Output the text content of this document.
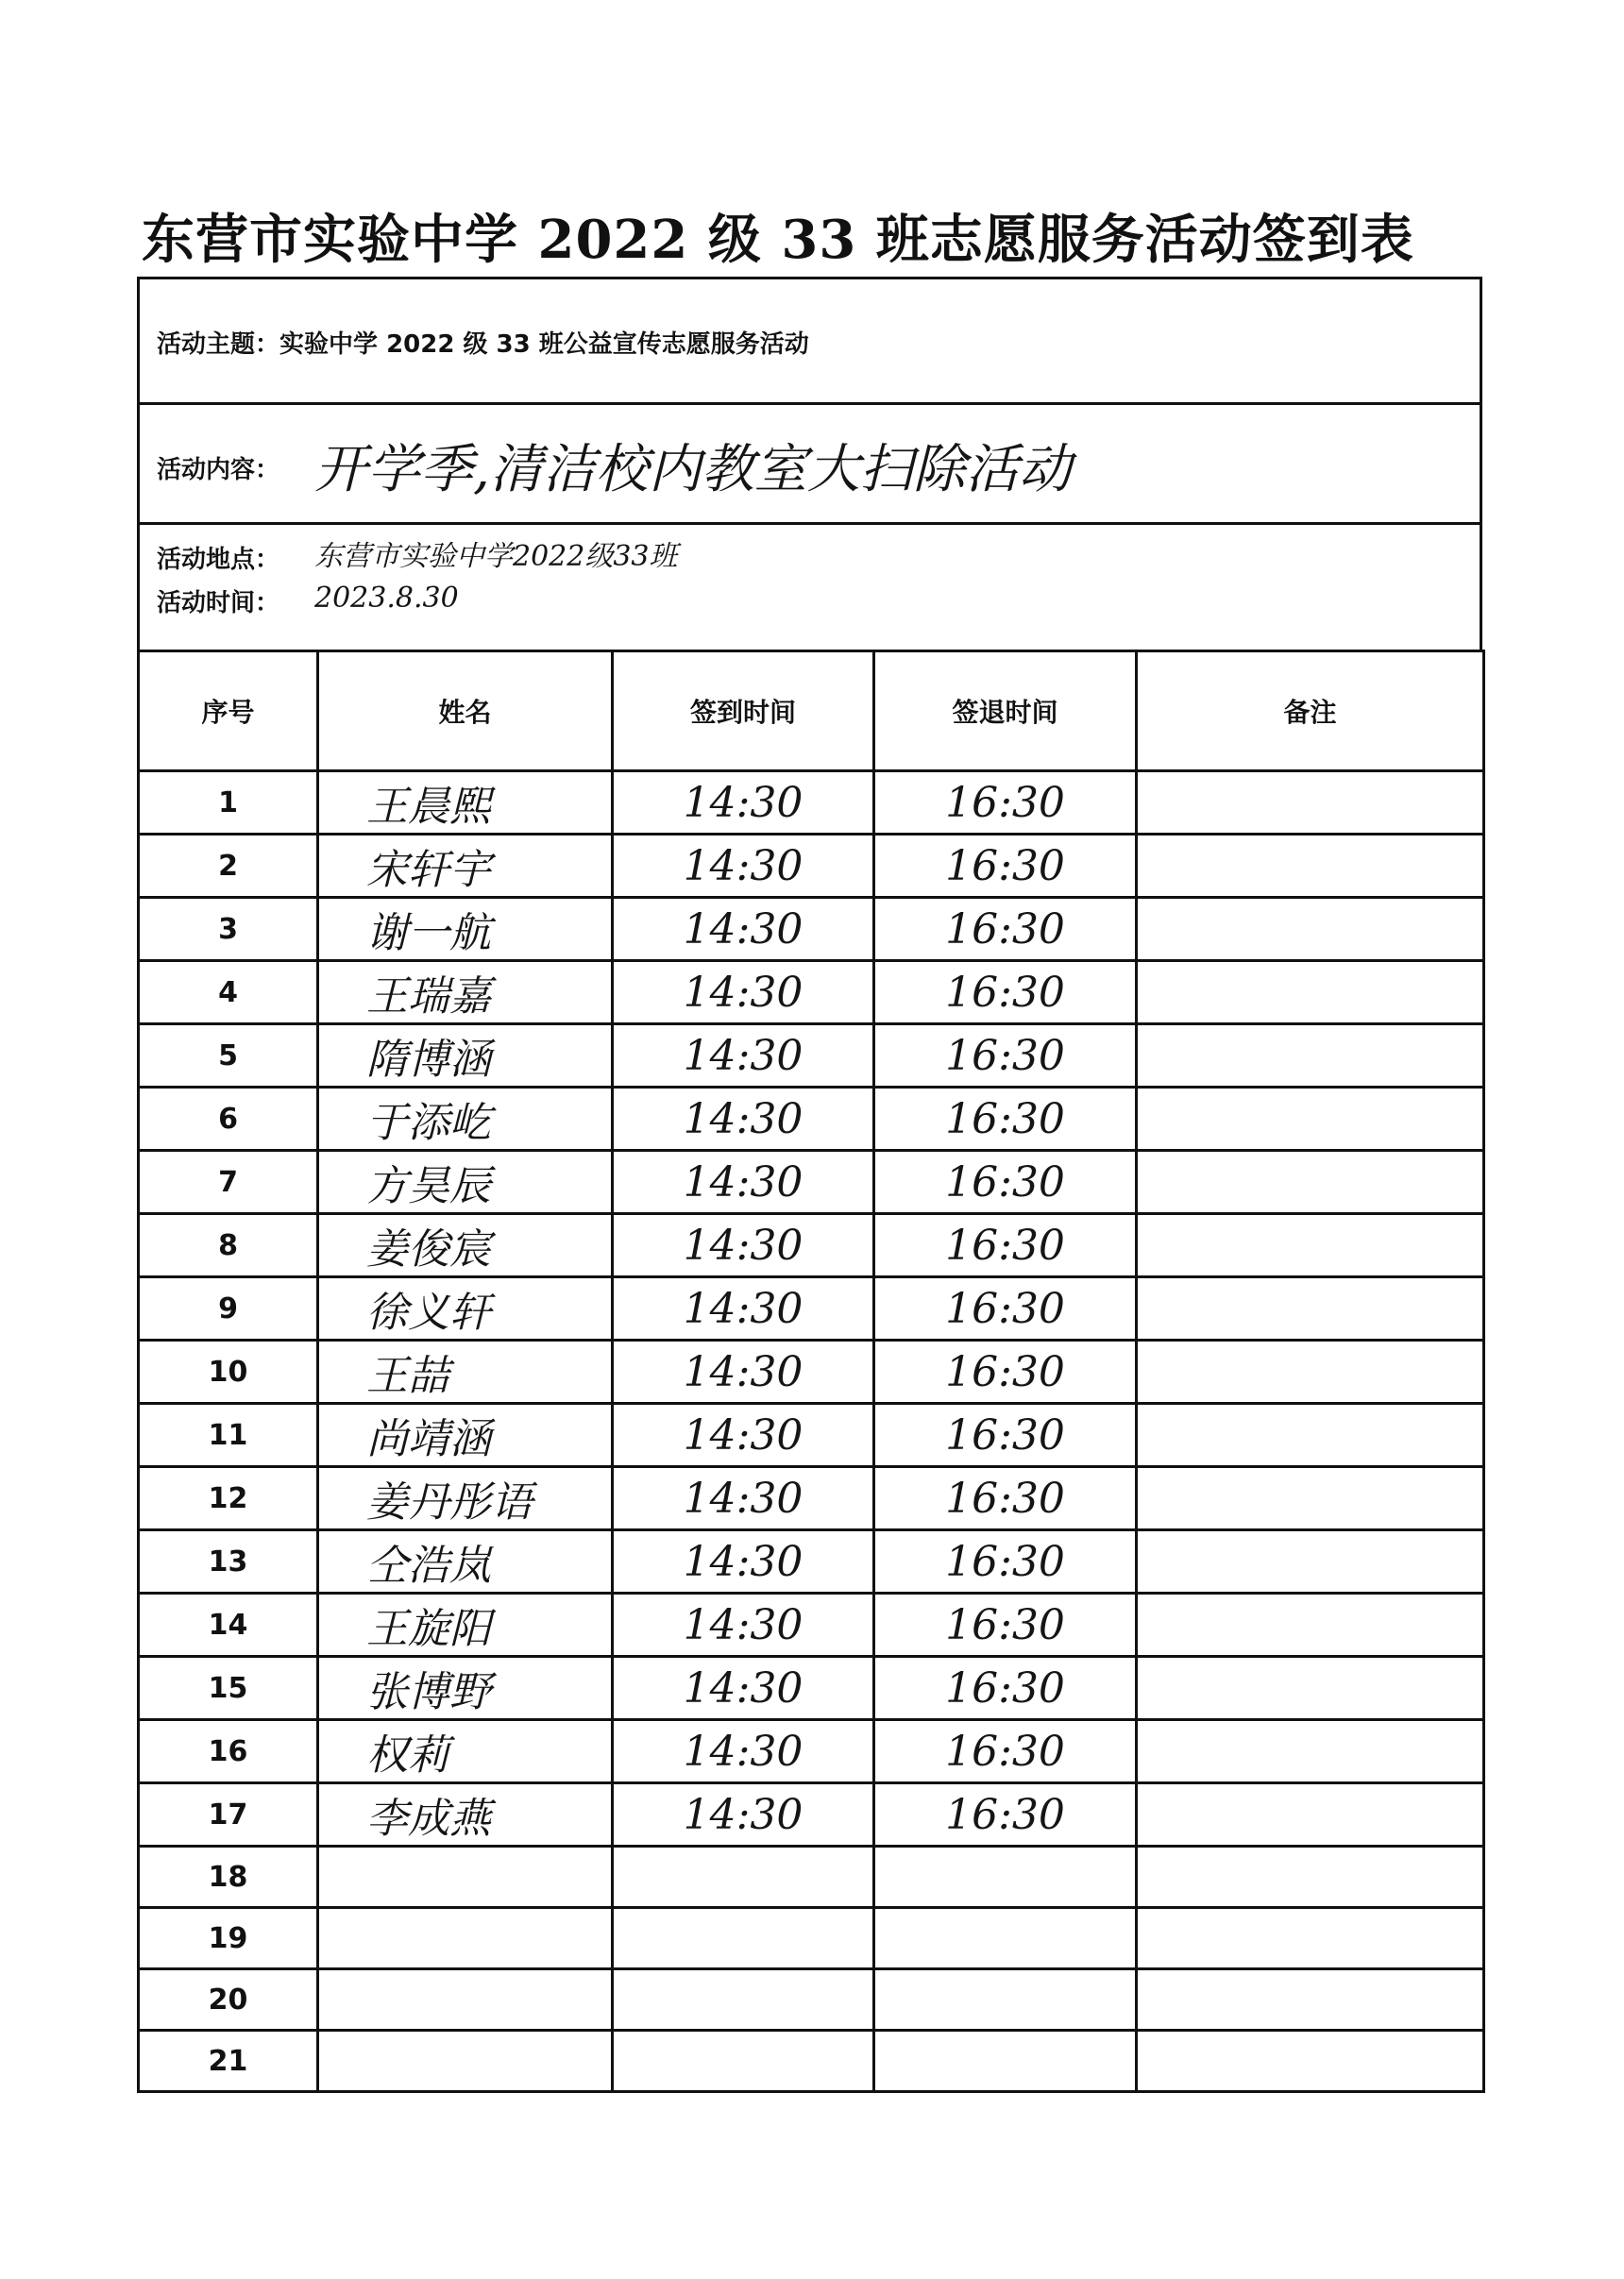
东营市实验中学 2022 级 33 班志愿服务活动签到表
活动主题：实验中学 2022 级 33 班公益宣传志愿服务活动
活动内容： 开学季,清洁校内教室大扫除活动
活动地点： 东营市实验中学2022级33班
活动时间： 2023.8.30
序号	姓名	签到时间	签退时间	备注
1	王晨熙	14:30	16:30	
2	宋轩宇	14:30	16:30	
3	谢一航	14:30	16:30	
4	王瑞嘉	14:30	16:30	
5	隋博涵	14:30	16:30	
6	于添屹	14:30	16:30	
7	方昊辰	14:30	16:30	
8	姜俊宸	14:30	16:30	
9	徐义轩	14:30	16:30	
10	王喆	14:30	16:30	
11	尚靖涵	14:30	16:30	
12	姜丹彤语	14:30	16:30	
13	仝浩岚	14:30	16:30	
14	王旋阳	14:30	16:30	
15	张博野	14:30	16:30	
16	权莉	14:30	16:30	
17	李成燕	14:30	16:30	
18				
19				
20				
21				
